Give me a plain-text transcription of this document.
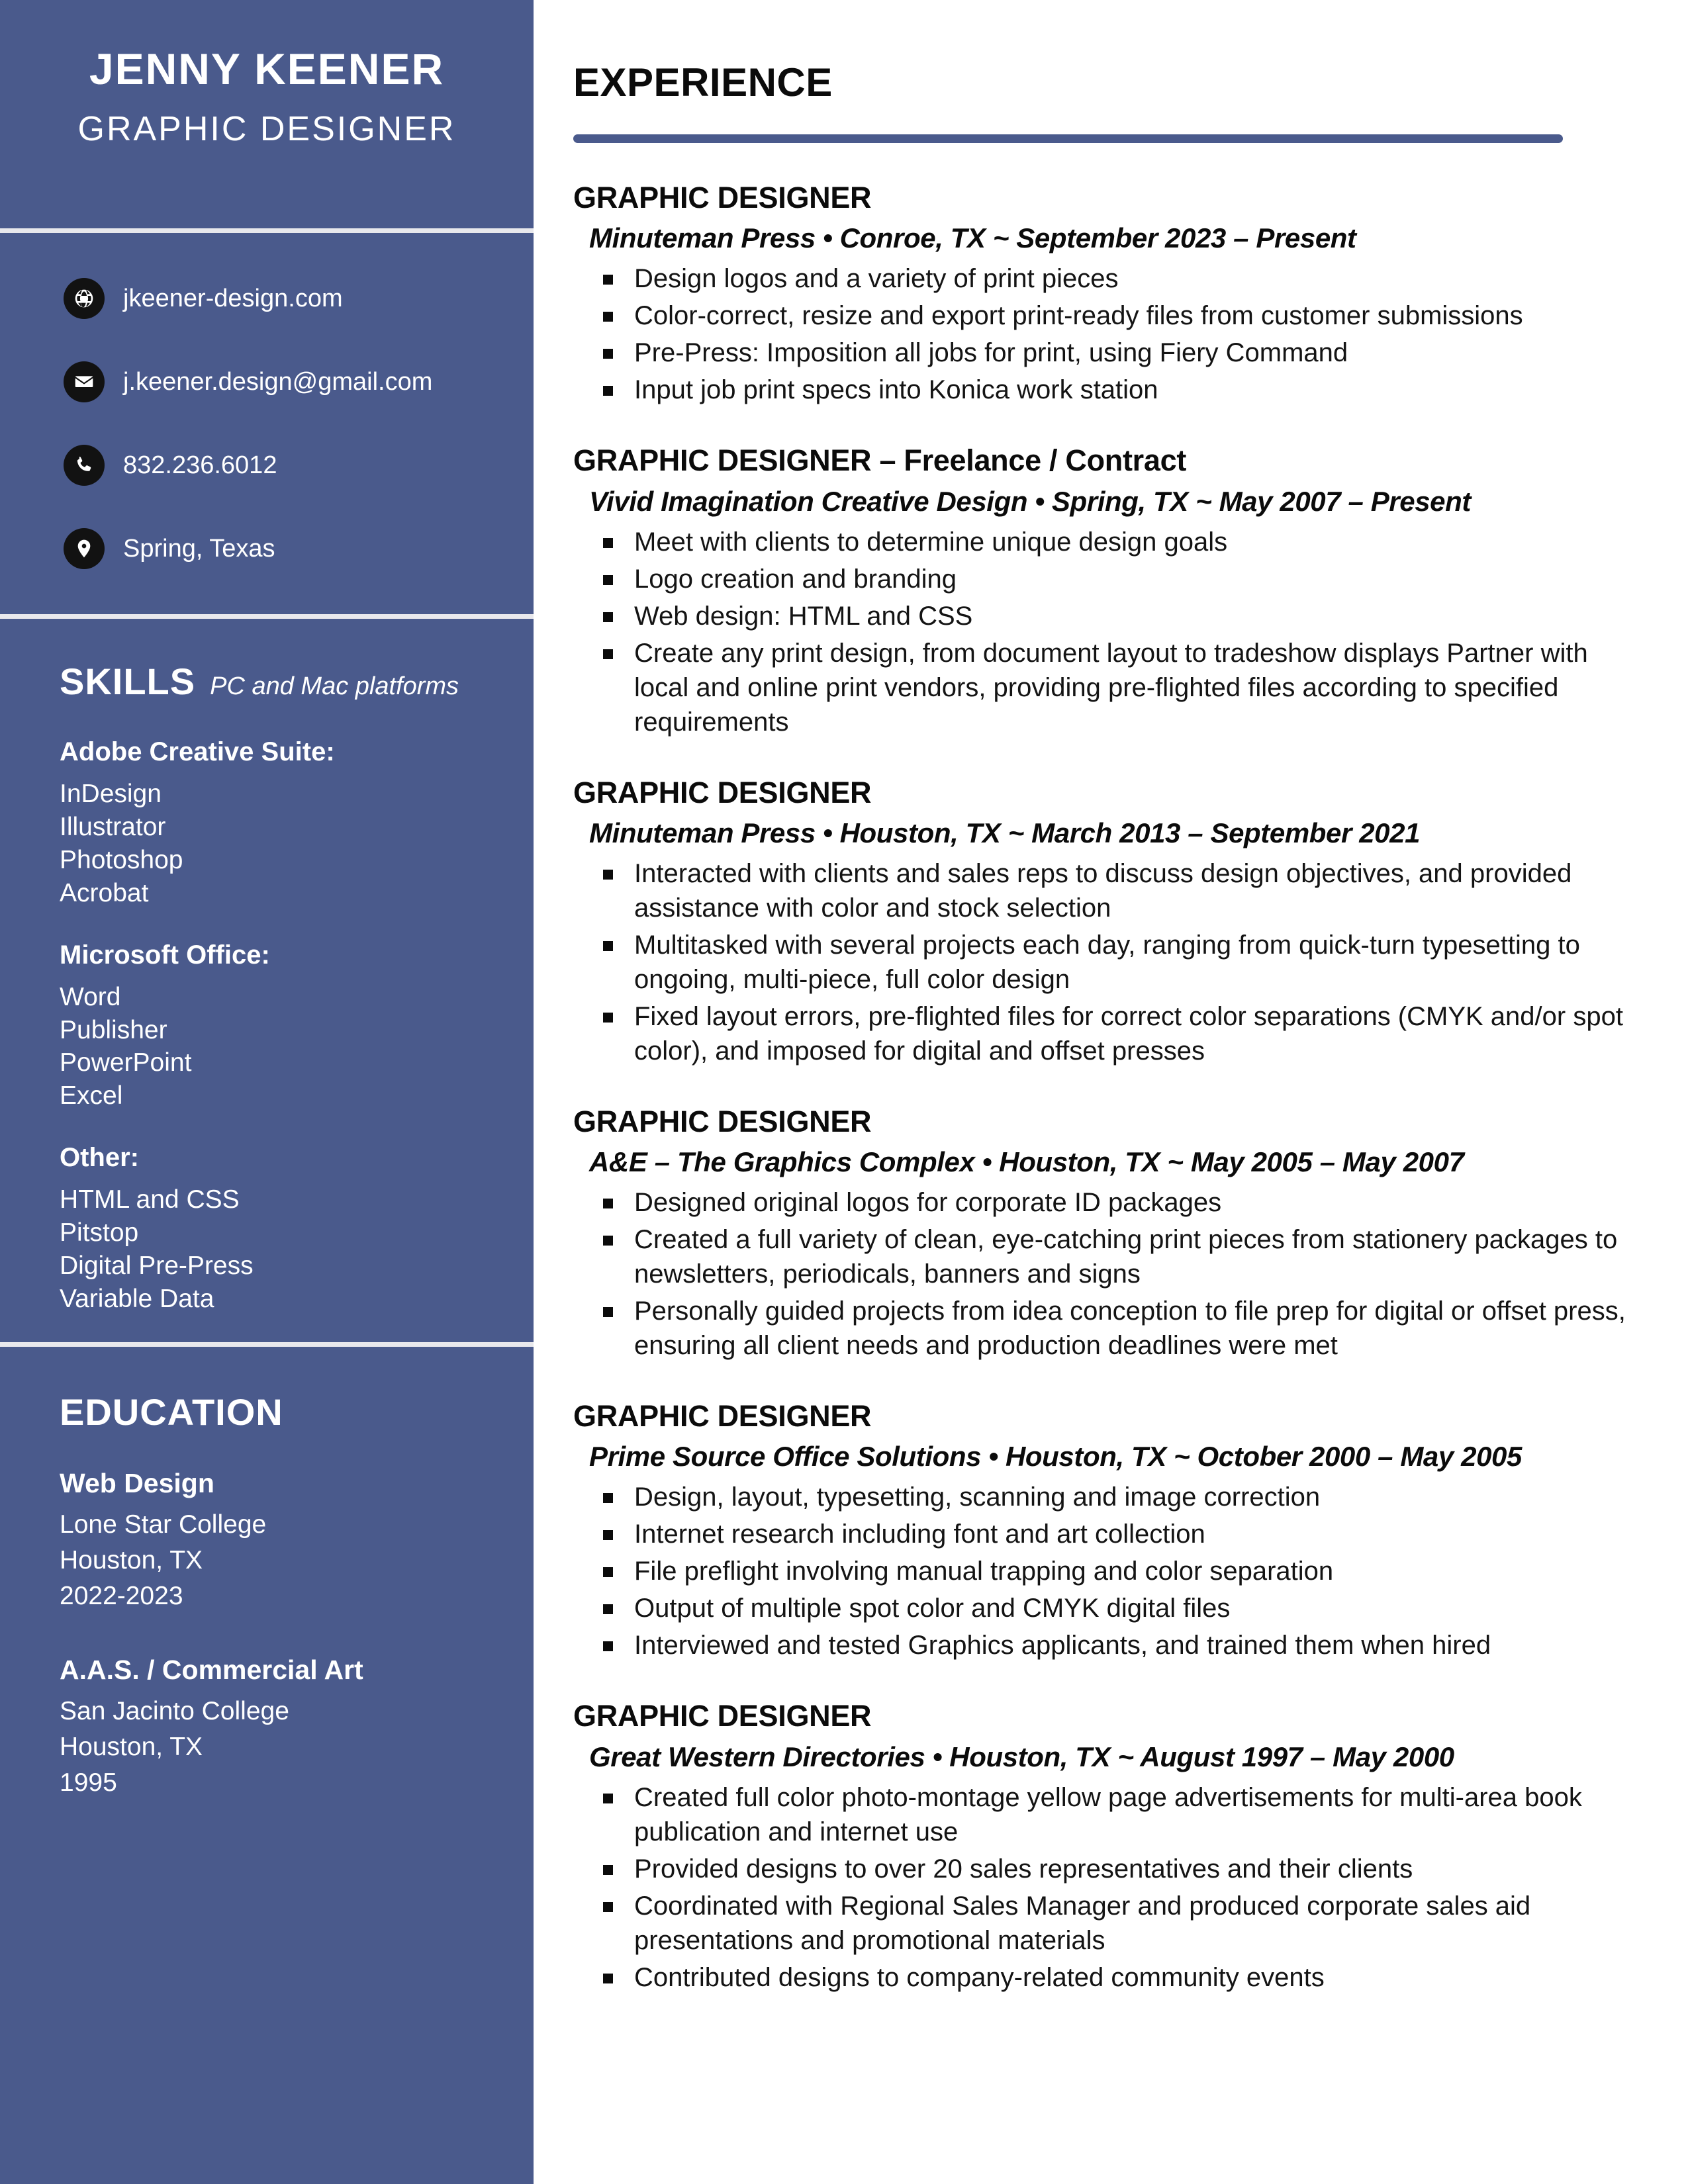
JENNY KEENER
GRAPHIC DESIGNER
jkeener-design.com
j.keener.design@gmail.com
832.236.6012
Spring, Texas
SKILLS PC and Mac platforms
Adobe Creative Suite:
InDesign
Illustrator
Photoshop
Acrobat
Microsoft Office:
Word
Publisher
PowerPoint
Excel
Other:
HTML and CSS
Pitstop
Digital Pre-Press
Variable Data
EDUCATION
Web Design
Lone Star College
Houston, TX
2022-2023
A.A.S. / Commercial Art
San Jacinto College
Houston, TX
1995
EXPERIENCE
GRAPHIC DESIGNER
Minuteman Press • Conroe, TX ~ September 2023 – Present
Design logos and a variety of print pieces
Color-correct, resize and export print-ready files from customer submissions
Pre-Press: Imposition all jobs for print, using Fiery Command
Input job print specs into Konica work station
GRAPHIC DESIGNER – Freelance / Contract
Vivid Imagination Creative Design • Spring, TX ~ May 2007 – Present
Meet with clients to determine unique design goals
Logo creation and branding
Web design: HTML and CSS
Create any print design, from document layout to tradeshow displays Partner with local and online print vendors, providing pre-flighted files according to specified requirements
GRAPHIC DESIGNER
Minuteman Press • Houston, TX ~ March 2013 – September 2021
Interacted with clients and sales reps to discuss design objectives, and provided assistance with color and stock selection
Multitasked with several projects each day, ranging from quick-turn typesetting to ongoing, multi-piece, full color design
Fixed layout errors, pre-flighted files for correct color separations (CMYK and/or spot color), and imposed for digital and offset presses
GRAPHIC DESIGNER
A&E – The Graphics Complex • Houston, TX ~ May 2005 – May 2007
Designed original logos for corporate ID packages
Created a full variety of clean, eye-catching print pieces from stationery packages to newsletters, periodicals, banners and signs
Personally guided projects from idea conception to file prep for digital or offset press, ensuring all client needs and production deadlines were met
GRAPHIC DESIGNER
Prime Source Office Solutions • Houston, TX ~ October 2000 – May 2005
Design, layout, typesetting, scanning and image correction
Internet research including font and art collection
File preflight involving manual trapping and color separation
Output of multiple spot color and CMYK digital files
Interviewed and tested Graphics applicants, and trained them when hired
GRAPHIC DESIGNER
Great Western Directories • Houston, TX ~ August 1997 – May 2000
Created full color photo-montage yellow page advertisements for multi-area book publication and internet use
Provided designs to over 20 sales representatives and their clients
Coordinated with Regional Sales Manager and produced corporate sales aid presentations and promotional materials
Contributed designs to company-related community events
